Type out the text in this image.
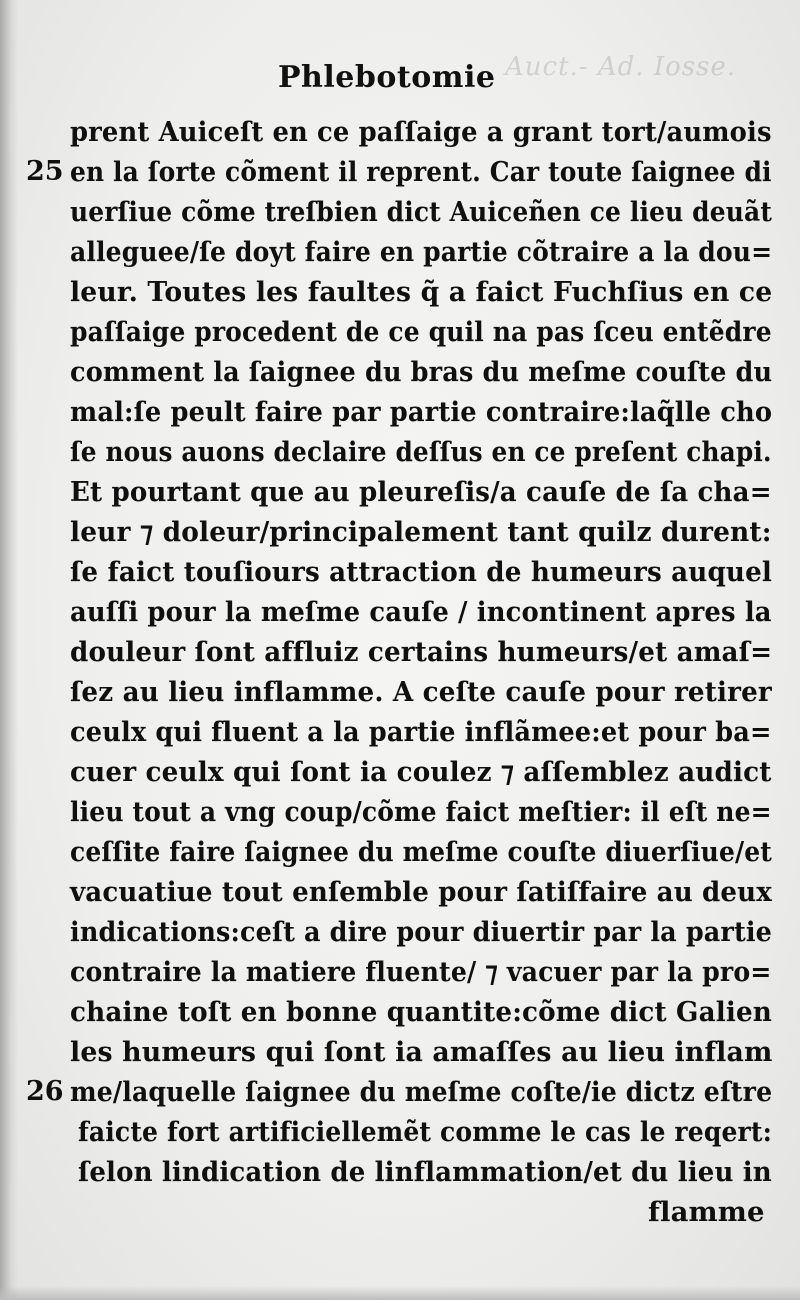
Auct.- Ad. Iosse.
Phlebotomie
prent Auiceſt en ce paſſaige a grant tort/aumois
25 en la ſorte cõment il reprent. Car toute ſaignee di
uerſiue cõme treſbien dict Auiceñen ce lieu deuãt
alleguee/ſe doyt faire en partie cõtraire a la dou=
leur. Toutes les faultes q̃ a faict Fuchſius en ce
paſſaige procedent de ce quil na pas ſceu entẽdre
comment la ſaignee du bras du meſme couſte du
mal:ſe peult faire par partie contraire:laq̃lle cho
ſe nous auons declaire deſſus en ce preſent chapi.
Et pourtant que au pleureſis/a cauſe de ſa cha=
leur ⁊ doleur/principalement tant quilz durent:
ſe faict touſiours attraction de humeurs auquel
auſſi pour la meſme cauſe / incontinent apres la
douleur ſont affluiz certains humeurs/et amaſ=
ſez au lieu inflamme. A ceſte cauſe pour retirer
ceulx qui fluent a la partie inflãmee:et pour ba=
cuer ceulx qui ſont ia coulez ⁊ aſſemblez audict
lieu tout a vng coup/cõme faict meſtier: il eſt ne=
ceſſite faire ſaignee du meſme couſte diuerſiue/et
vacuatiue tout enſemble pour ſatiſfaire au deux
indications:ceſt a dire pour diuertir par la partie
contraire la matiere fluente/ ⁊ vacuer par la pro=
chaine toſt en bonne quantite:cõme dict Galien
les humeurs qui ſont ia amaſſes au lieu inflam
26 me/laquelle ſaignee du meſme coſte/ie dictz eſtre
faicte fort artificiellemẽt comme le cas le reqert:
ſelon lindication de linflammation/et du lieu in
flamme
